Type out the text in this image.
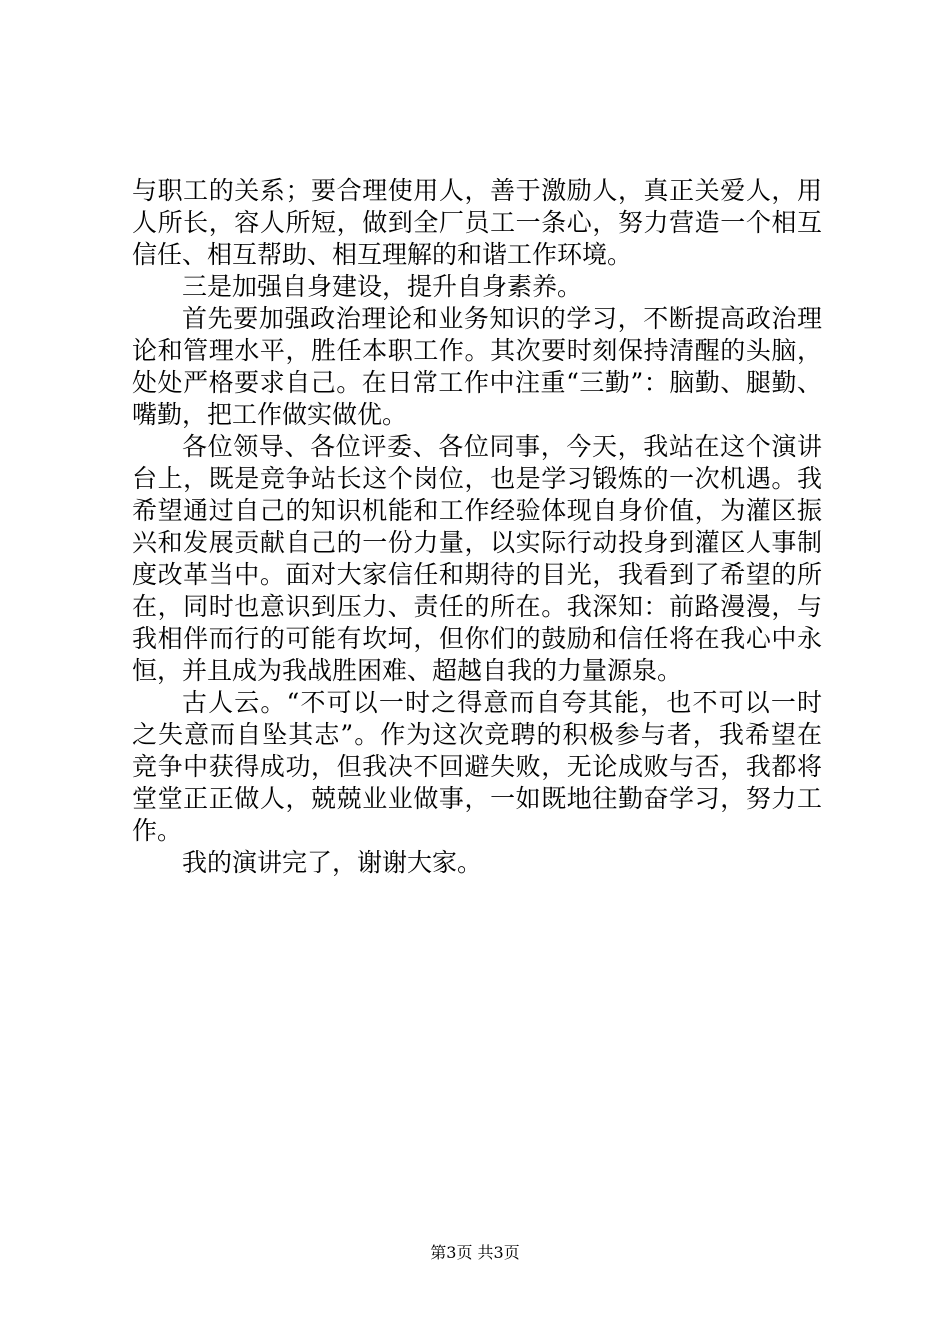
与职工的关系；要合理使用人，善于激励人，真正关爱人，用
人所长，容人所短，做到全厂员工一条心，努力营造一个相互
信任、相互帮助、相互理解的和谐工作环境。
三是加强自身建设，提升自身素养。
首先要加强政治理论和业务知识的学习，不断提高政治理
论和管理水平，胜任本职工作。其次要时刻保持清醒的头脑，
处处严格要求自己。在日常工作中注重“三勤”：脑勤、腿勤、
嘴勤，把工作做实做优。
各位领导、各位评委、各位同事，今天，我站在这个演讲
台上，既是竞争站长这个岗位，也是学习锻炼的一次机遇。我
希望通过自己的知识机能和工作经验体现自身价值，为灌区振
兴和发展贡献自己的一份力量，以实际行动投身到灌区人事制
度改革当中。面对大家信任和期待的目光，我看到了希望的所
在，同时也意识到压力、责任的所在。我深知：前路漫漫，与
我相伴而行的可能有坎坷，但你们的鼓励和信任将在我心中永
恒，并且成为我战胜困难、超越自我的力量源泉。
古人云。“不可以一时之得意而自夸其能，也不可以一时
之失意而自坠其志”。作为这次竞聘的积极参与者，我希望在
竞争中获得成功，但我决不回避失败，无论成败与否，我都将
堂堂正正做人，兢兢业业做事，一如既地往勤奋学习，努力工
作。
我的演讲完了，谢谢大家。
第3页 共3页
